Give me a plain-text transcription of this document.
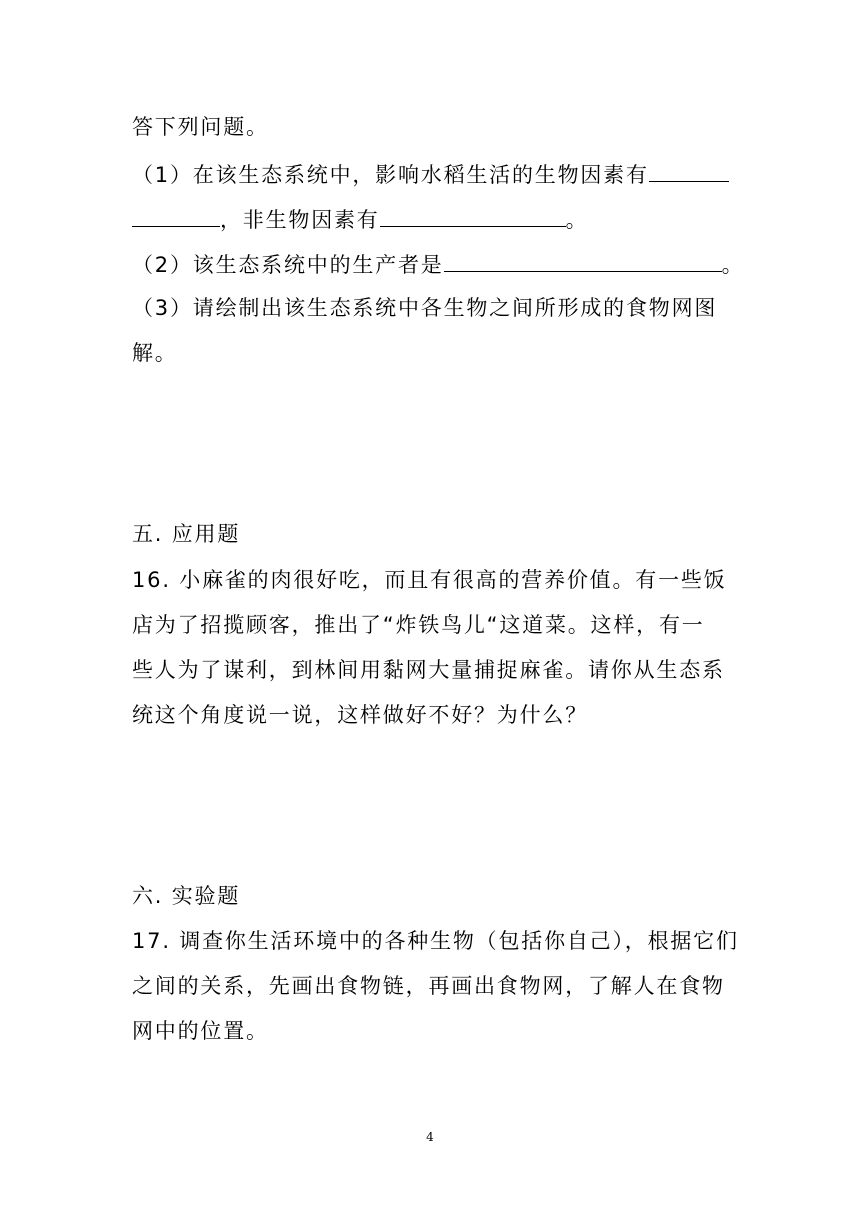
答下列问题。
（1）在该生态系统中，影响水稻生活的生物因素有
，非生物因素有	。
（2）该生态系统中的生产者是	。
（3）请绘制出该生态系统中各生物之间所形成的食物网图
解。
五. 应用题
16. 小麻雀的肉很好吃，而且有很高的营养价值。有一些饭
店为了招揽顾客，推出了“炸铁鸟儿“这道菜。这样，有一
些人为了谋利，到林间用黏网大量捕捉麻雀。请你从生态系
统这个角度说一说，这样做好不好？为什么？
六. 实验题
17. 调查你生活环境中的各种生物（包括你自己），根据它们
之间的关系，先画出食物链，再画出食物网，了解人在食物
网中的位置。
4
